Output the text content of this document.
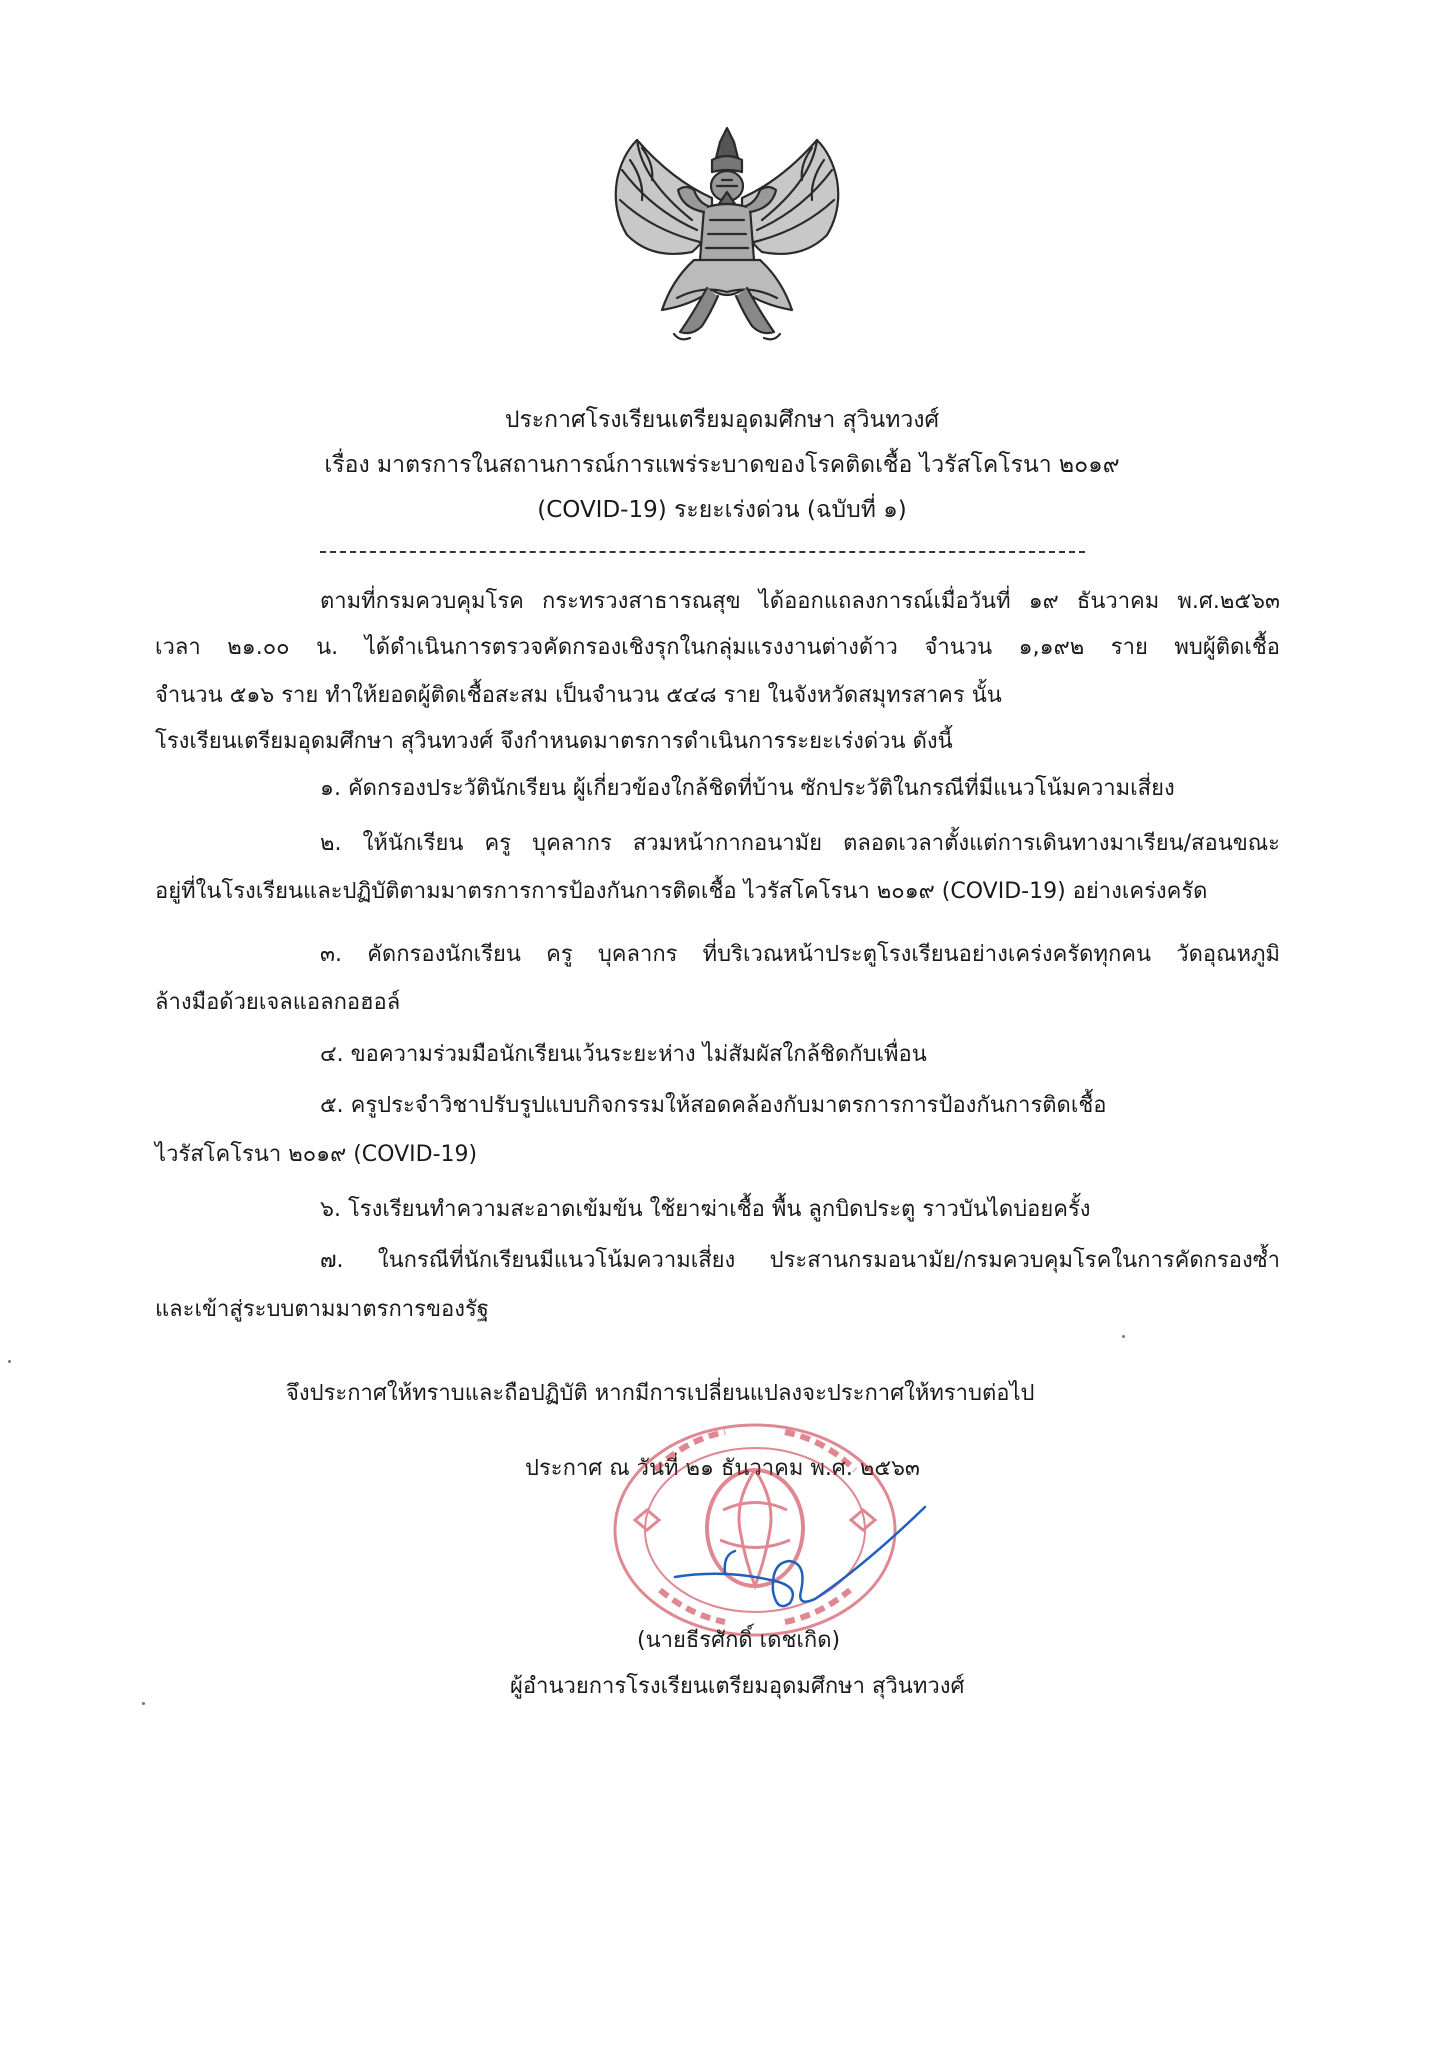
ประกาศโรงเรียนเตรียมอุดมศึกษา สุวินทวงศ์
เรื่อง มาตรการในสถานการณ์การแพร่ระบาดของโรคติดเชื้อ ไวรัสโคโรนา ๒๐๑๙
(COVID-19) ระยะเร่งด่วน (ฉบับที่ ๑)
ตามที่กรมควบคุมโรค กระทรวงสาธารณสุข ได้ออกแถลงการณ์เมื่อวันที่ ๑๙ ธันวาคม พ.ศ.๒๕๖๓
เวลา ๒๑.๐๐ น. ได้ดำเนินการตรวจคัดกรองเชิงรุกในกลุ่มแรงงานต่างด้าว จำนวน ๑,๑๙๒ ราย พบผู้ติดเชื้อ
จำนวน ๕๑๖ ราย ทำให้ยอดผู้ติดเชื้อสะสม เป็นจำนวน ๕๔๘ ราย ในจังหวัดสมุทรสาคร นั้น
โรงเรียนเตรียมอุดมศึกษา สุวินทวงศ์ จึงกำหนดมาตรการดำเนินการระยะเร่งด่วน ดังนี้
๑. คัดกรองประวัตินักเรียน ผู้เกี่ยวข้องใกล้ชิดที่บ้าน ซักประวัติในกรณีที่มีแนวโน้มความเสี่ยง
๒. ให้นักเรียน ครู บุคลากร สวมหน้ากากอนามัย ตลอดเวลาตั้งแต่การเดินทางมาเรียน/สอนขณะ
อยู่ที่ในโรงเรียนและปฏิบัติตามมาตรการการป้องกันการติดเชื้อ ไวรัสโคโรนา ๒๐๑๙ (COVID-19) อย่างเคร่งครัด
๓. คัดกรองนักเรียน ครู บุคลากร ที่บริเวณหน้าประตูโรงเรียนอย่างเคร่งครัดทุกคน วัดอุณหภูมิ
ล้างมือด้วยเจลแอลกอฮอล์
๔. ขอความร่วมมือนักเรียนเว้นระยะห่าง ไม่สัมผัสใกล้ชิดกับเพื่อน
๕. ครูประจำวิชาปรับรูปแบบกิจกรรมให้สอดคล้องกับมาตรการการป้องกันการติดเชื้อ
ไวรัสโคโรนา ๒๐๑๙ (COVID-19)
๖. โรงเรียนทำความสะอาดเข้มข้น ใช้ยาฆ่าเชื้อ พื้น ลูกบิดประตู ราวบันไดบ่อยครั้ง
๗. ในกรณีที่นักเรียนมีแนวโน้มความเสี่ยง ประสานกรมอนามัย/กรมควบคุมโรคในการคัดกรองซ้ำ
และเข้าสู่ระบบตามมาตรการของรัฐ
จึงประกาศให้ทราบและถือปฏิบัติ หากมีการเปลี่ยนแปลงจะประกาศให้ทราบต่อไป
ประกาศ ณ วันที่ ๒๑ ธันวาคม พ.ศ. ๒๕๖๓
(นายธีรศักดิ์ เดชเกิด)
ผู้อำนวยการโรงเรียนเตรียมอุดมศึกษา สุวินทวงศ์
